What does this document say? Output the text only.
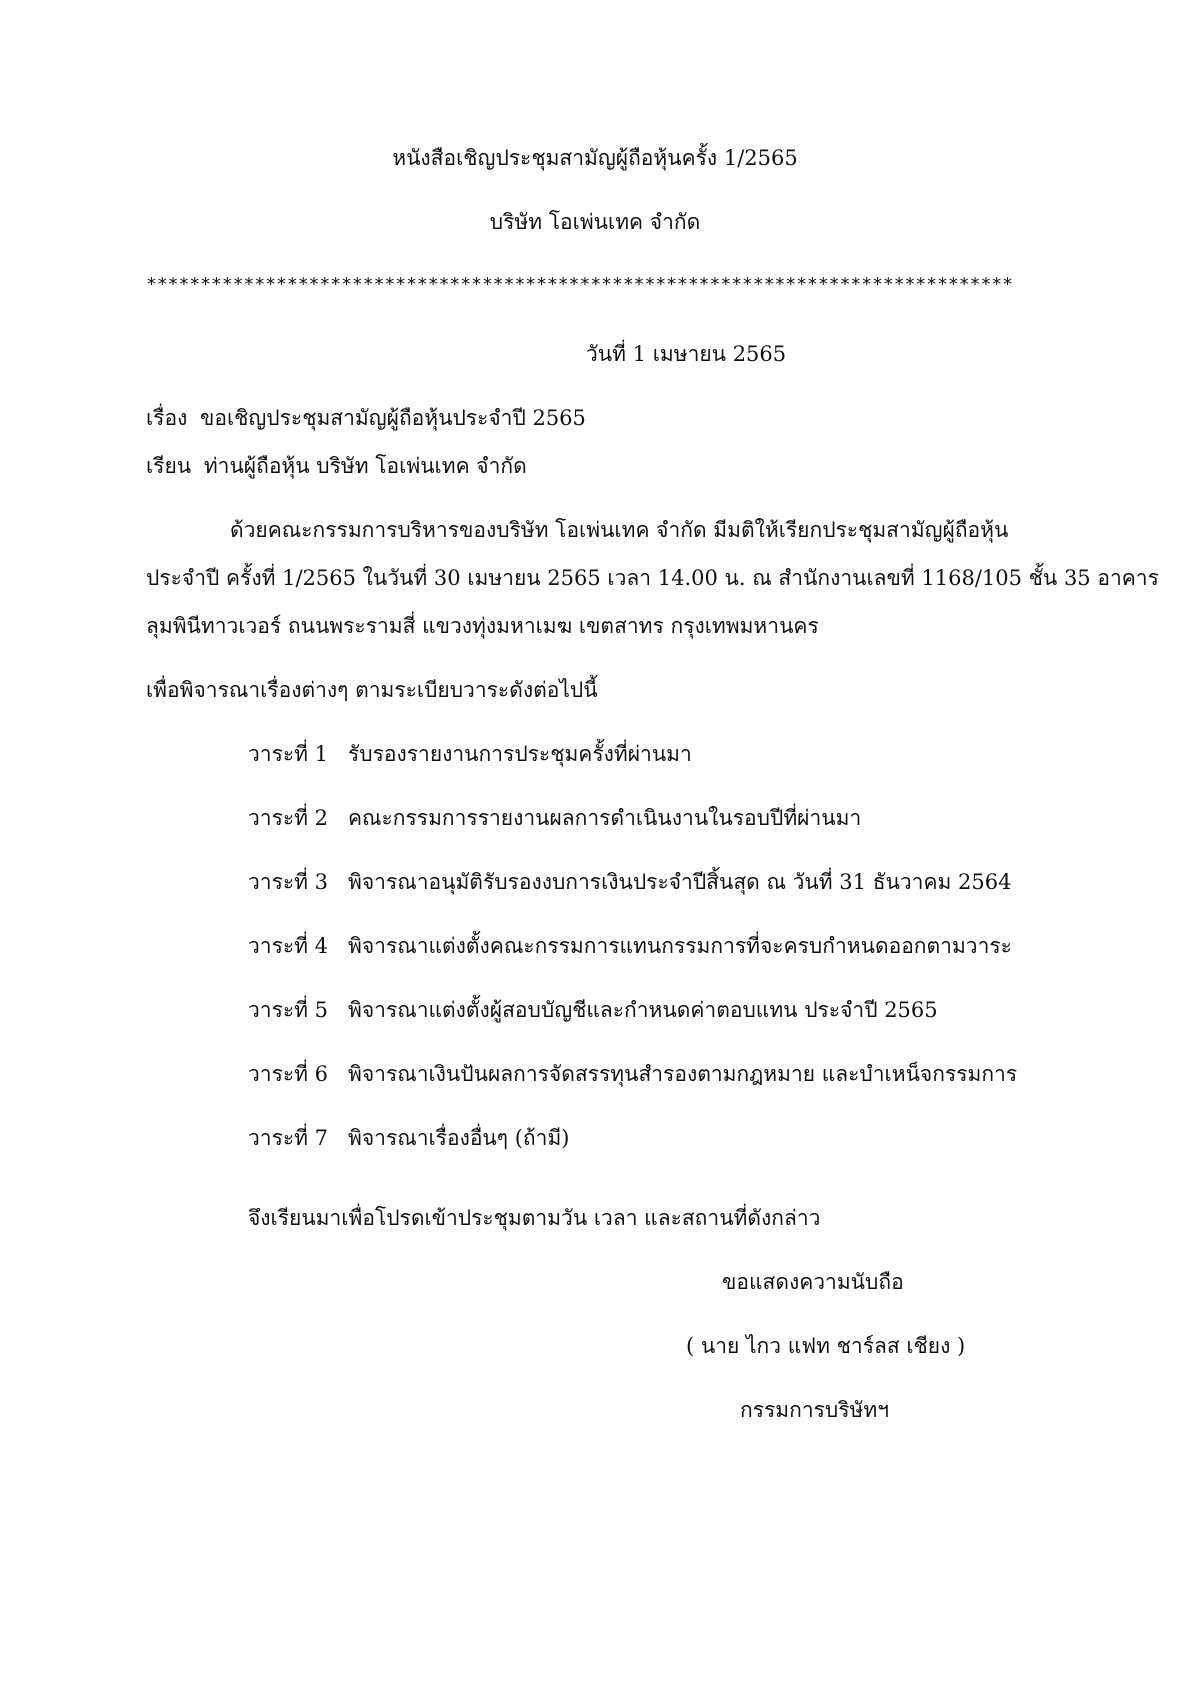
หนังสือเชิญประชุมสามัญผู้ถือหุ้นครั้ง 1/2565
บริษัท โอเพ่นเทค จำกัด
********************************************************************************
วันที่ 1 เมษายน 2565
เรื่อง ขอเชิญประชุมสามัญผู้ถือหุ้นประจำปี 2565
เรียน ท่านผู้ถือหุ้น บริษัท โอเพ่นเทค จำกัด
ด้วยคณะกรรมการบริหารของบริษัท โอเพ่นเทค จำกัด มีมติให้เรียกประชุมสามัญผู้ถือหุ้น
ประจำปี ครั้งที่ 1/2565 ในวันที่ 30 เมษายน 2565 เวลา 14.00 น. ณ สำนักงานเลขที่ 1168/105 ชั้น 35 อาคาร
ลุมพินีทาวเวอร์ ถนนพระรามสี่ แขวงทุ่งมหาเมฆ เขตสาทร กรุงเทพมหานคร
เพื่อพิจารณาเรื่องต่างๆ ตามระเบียบวาระดังต่อไปนี้
วาระที่ 1 รับรองรายงานการประชุมครั้งที่ผ่านมา
วาระที่ 2 คณะกรรมการรายงานผลการดำเนินงานในรอบปีที่ผ่านมา
วาระที่ 3 พิจารณาอนุมัติรับรองงบการเงินประจำปีสิ้นสุด ณ วันที่ 31 ธันวาคม 2564
วาระที่ 4 พิจารณาแต่งตั้งคณะกรรมการแทนกรรมการที่จะครบกำหนดออกตามวาระ
วาระที่ 5 พิจารณาแต่งตั้งผู้สอบบัญชีและกำหนดค่าตอบแทน ประจำปี 2565
วาระที่ 6 พิจารณาเงินปันผลการจัดสรรทุนสำรองตามกฎหมาย และบำเหน็จกรรมการ
วาระที่ 7 พิจารณาเรื่องอื่นๆ (ถ้ามี)
จึงเรียนมาเพื่อโปรดเข้าประชุมตามวัน เวลา และสถานที่ดังกล่าว
ขอแสดงความนับถือ
( นาย ไกว แฟท ชาร์ลส เชียง )
กรรมการบริษัทฯ
